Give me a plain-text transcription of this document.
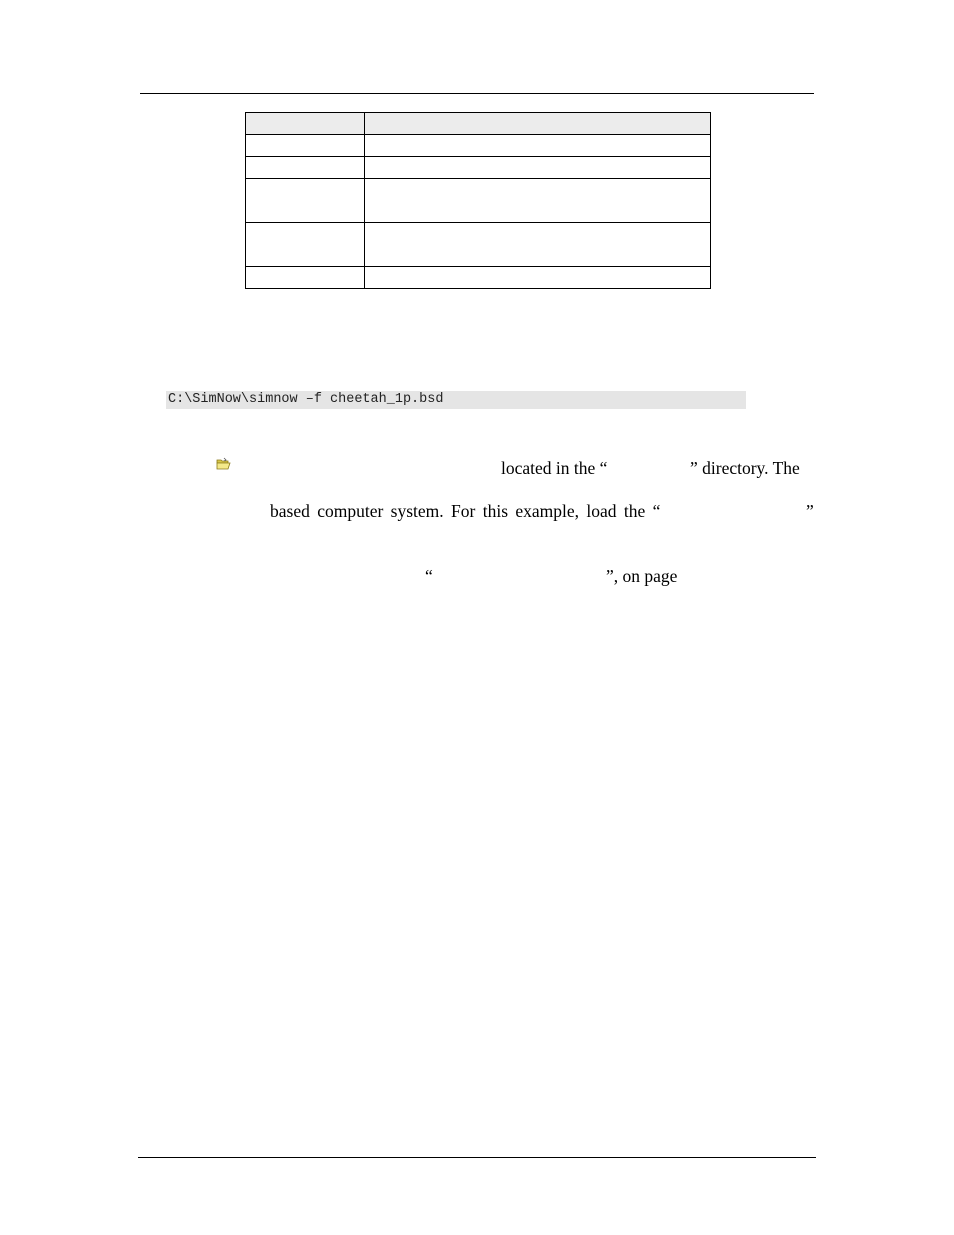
C:\SimNow\simnow –f cheetah_1p.bsd
located in the “	” directory. The
based computer system. For this example, load the “	”
“	”, on page
